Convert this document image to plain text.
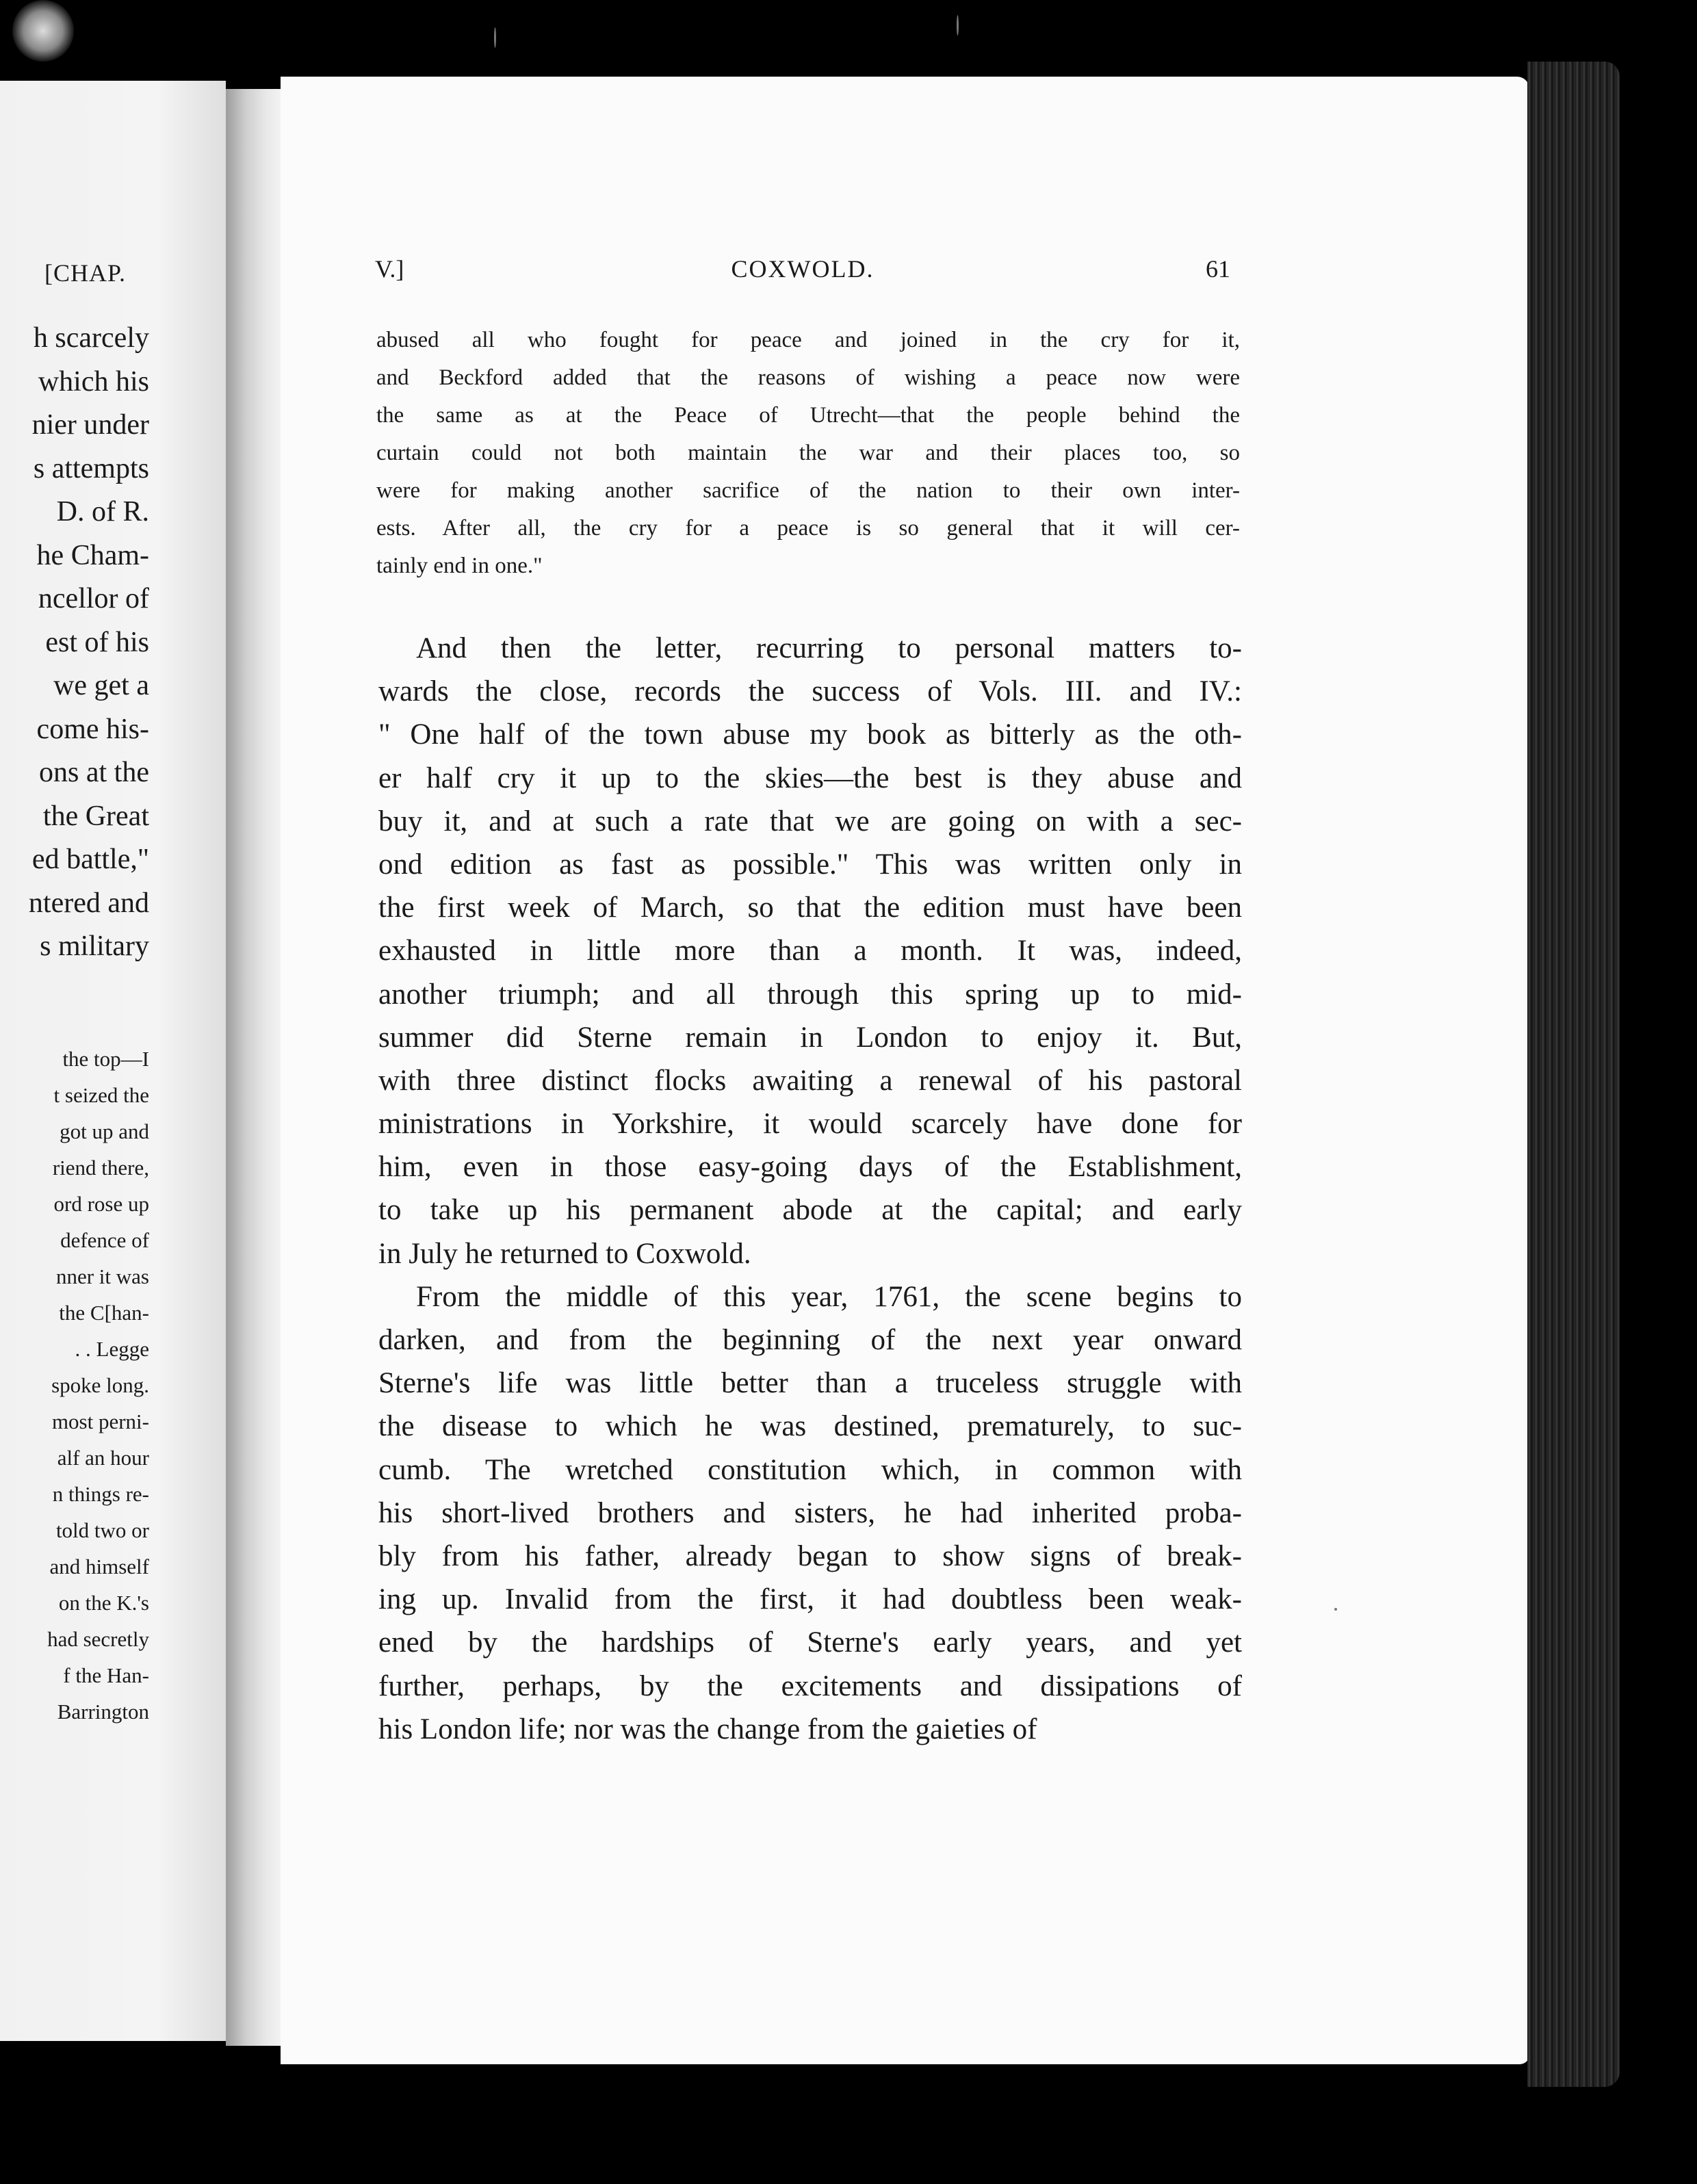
[CHAP.
h scarcely
which his
nier under
s attempts
D. of R.
he Cham-
ncellor of
est of his
we get a
come his-
ons at the
the Great
ed battle,"
ntered and
s military
the top—I
t seized the
got up and
riend there,
ord rose up
defence of
nner it was
the C[han-
. . Legge
spoke long.
most perni-
alf an hour
n things re-
told two or
and himself
on the K.'s
had secretly
f the Han-
Barrington
V.]	COXWOLD.	61
abused all who fought for peace and joined in the cry for it,
and Beckford added that the reasons of wishing a peace now were
the same as at the Peace of Utrecht—that the people behind the
curtain could not both maintain the war and their places too, so
were for making another sacrifice of the nation to their own inter-
ests. After all, the cry for a peace is so general that it will cer-
tainly end in one."
And then the letter, recurring to personal matters to-
wards the close, records the success of Vols. III. and IV.:
" One half of the town abuse my book as bitterly as the oth-
er half cry it up to the skies—the best is they abuse and
buy it, and at such a rate that we are going on with a sec-
ond edition as fast as possible." This was written only in
the first week of March, so that the edition must have been
exhausted in little more than a month. It was, indeed,
another triumph; and all through this spring up to mid-
summer did Sterne remain in London to enjoy it. But,
with three distinct flocks awaiting a renewal of his pastoral
ministrations in Yorkshire, it would scarcely have done for
him, even in those easy-going days of the Establishment,
to take up his permanent abode at the capital; and early
in July he returned to Coxwold.
From the middle of this year, 1761, the scene begins to
darken, and from the beginning of the next year onward
Sterne's life was little better than a truceless struggle with
the disease to which he was destined, prematurely, to suc-
cumb. The wretched constitution which, in common with
his short-lived brothers and sisters, he had inherited proba-
bly from his father, already began to show signs of break-
ing up. Invalid from the first, it had doubtless been weak-
ened by the hardships of Sterne's early years, and yet
further, perhaps, by the excitements and dissipations of
his London life; nor was the change from the gaieties of
